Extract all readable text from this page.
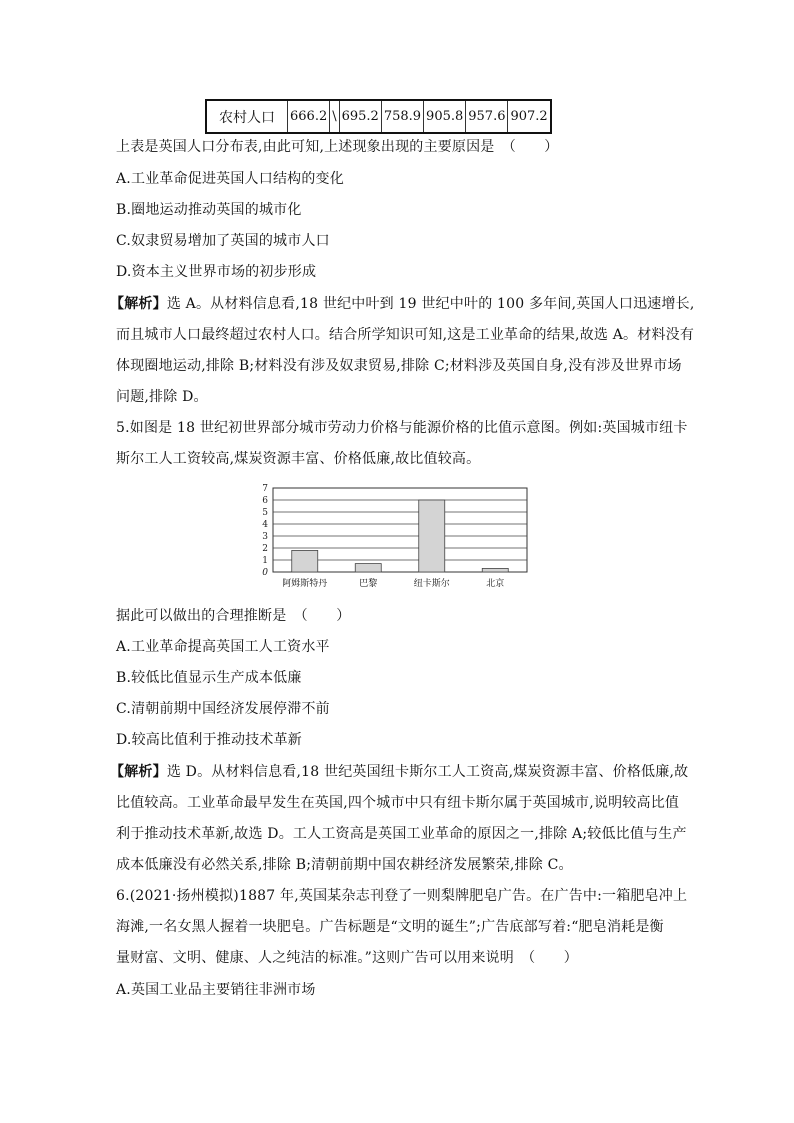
农村人口	666.2	\	695.2	758.9	905.8	957.6	907.2
上表是英国人口分布表,由此可知,上述现象出现的主要原因是　（　　）
A.工业革命促进英国人口结构的变化
B.圈地运动推动英国的城市化
C.奴隶贸易增加了英国的城市人口
D.资本主义世界市场的初步形成
【解析】选 A。从材料信息看,18 世纪中叶到 19 世纪中叶的 100 多年间,英国人口迅速增长,
而且城市人口最终超过农村人口。结合所学知识可知,这是工业革命的结果,故选 A。材料没有
体现圈地运动,排除 B;材料没有涉及奴隶贸易,排除 C;材料涉及英国自身,没有涉及世界市场
问题,排除 D。
5.如图是 18 世纪初世界部分城市劳动力价格与能源价格的比值示意图。例如:英国城市纽卡
斯尔工人工资较高,煤炭资源丰富、价格低廉,故比值较高。
0
1
2
3
4
5
6
7
阿姆斯特丹	巴黎	纽卡斯尔	北京
据此可以做出的合理推断是　（　　）
A.工业革命提高英国工人工资水平
B.较低比值显示生产成本低廉
C.清朝前期中国经济发展停滞不前
D.较高比值利于推动技术革新
【解析】选 D。从材料信息看,18 世纪英国纽卡斯尔工人工资高,煤炭资源丰富、价格低廉,故
比值较高。工业革命最早发生在英国,四个城市中只有纽卡斯尔属于英国城市,说明较高比值
利于推动技术革新,故选 D。工人工资高是英国工业革命的原因之一,排除 A;较低比值与生产
成本低廉没有必然关系,排除 B;清朝前期中国农耕经济发展繁荣,排除 C。
6.(2021·扬州模拟)1887 年,英国某杂志刊登了一则梨牌肥皂广告。在广告中:一箱肥皂冲上
海滩,一名女黑人握着一块肥皂。广告标题是“文明的诞生”;广告底部写着:“肥皂消耗是衡
量财富、文明、健康、人之纯洁的标准。”这则广告可以用来说明　（　　）
A.英国工业品主要销往非洲市场
